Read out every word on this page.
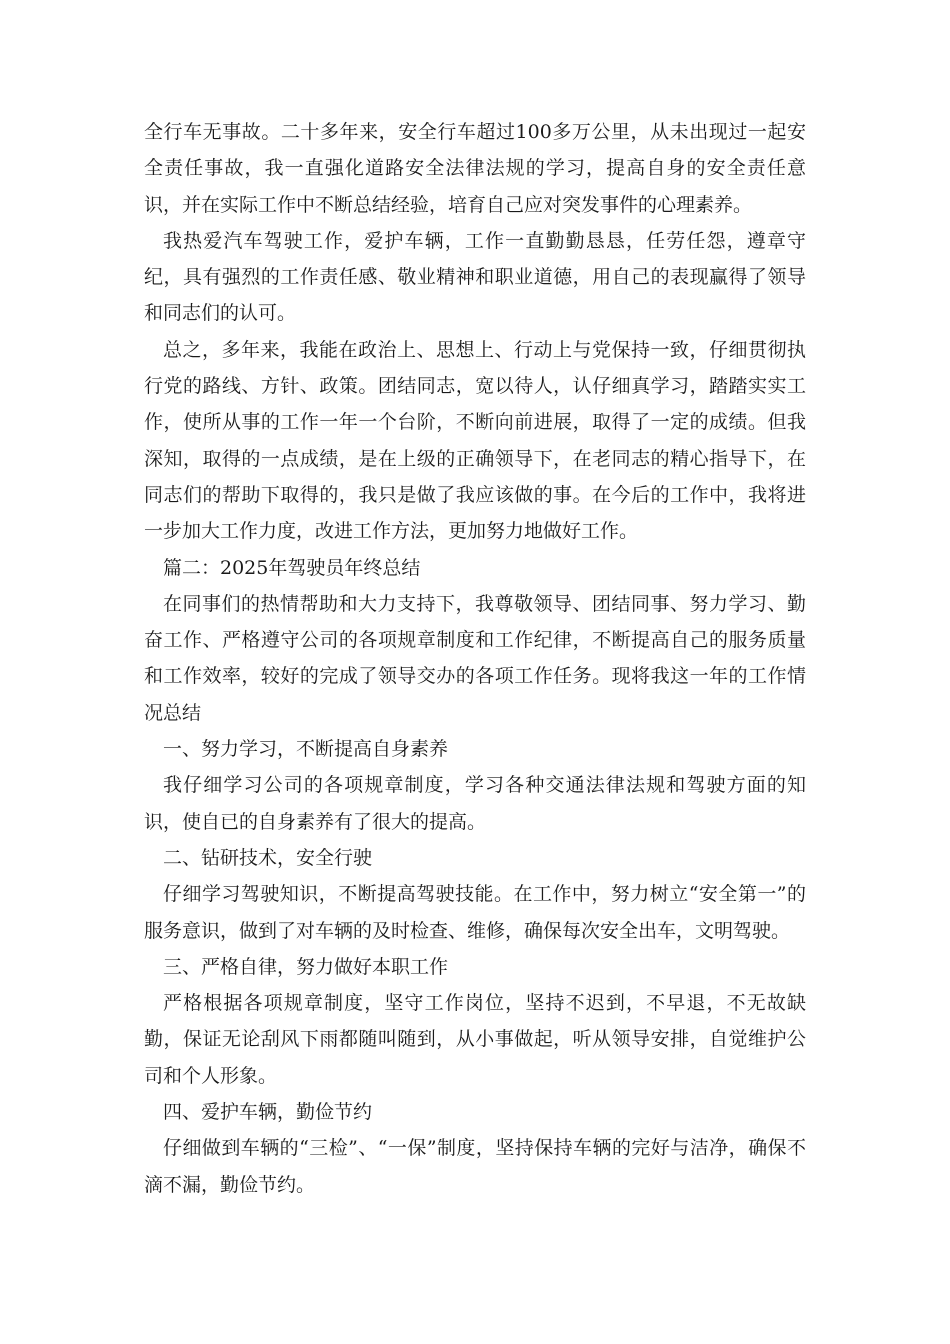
全行车无事故。二十多年来，安全行车超过100多万公里，从未出现过一起安全责任事故，我一直强化道路安全法律法规的学习，提高自身的安全责任意识，并在实际工作中不断总结经验，培育自己应对突发事件的心理素养。

我热爱汽车驾驶工作，爱护车辆，工作一直勤勤恳恳，任劳任怨，遵章守纪，具有强烈的工作责任感、敬业精神和职业道德，用自己的表现赢得了领导和同志们的认可。

总之，多年来，我能在政治上、思想上、行动上与党保持一致，仔细贯彻执行党的路线、方针、政策。团结同志，宽以待人，认仔细真学习，踏踏实实工作，使所从事的工作一年一个台阶，不断向前进展，取得了一定的成绩。但我深知，取得的一点成绩，是在上级的正确领导下，在老同志的精心指导下，在同志们的帮助下取得的，我只是做了我应该做的事。在今后的工作中，我将进一步加大工作力度，改进工作方法，更加努力地做好工作。

篇二：2025年驾驶员年终总结

在同事们的热情帮助和大力支持下，我尊敬领导、团结同事、努力学习、勤奋工作、严格遵守公司的各项规章制度和工作纪律，不断提高自己的服务质量和工作效率，较好的完成了领导交办的各项工作任务。现将我这一年的工作情况总结

一、努力学习，不断提高自身素养

我仔细学习公司的各项规章制度，学习各种交通法律法规和驾驶方面的知识，使自已的自身素养有了很大的提高。

二、钻研技术，安全行驶

仔细学习驾驶知识，不断提高驾驶技能。在工作中，努力树立“安全第一”的服务意识，做到了对车辆的及时检查、维修，确保每次安全出车，文明驾驶。

三、严格自律，努力做好本职工作

严格根据各项规章制度，坚守工作岗位，坚持不迟到，不早退，不无故缺勤，保证无论刮风下雨都随叫随到，从小事做起，听从领导安排，自觉维护公司和个人形象。

四、爱护车辆，勤俭节约

仔细做到车辆的“三检”、“一保”制度，坚持保持车辆的完好与洁净，确保不滴不漏，勤俭节约。
